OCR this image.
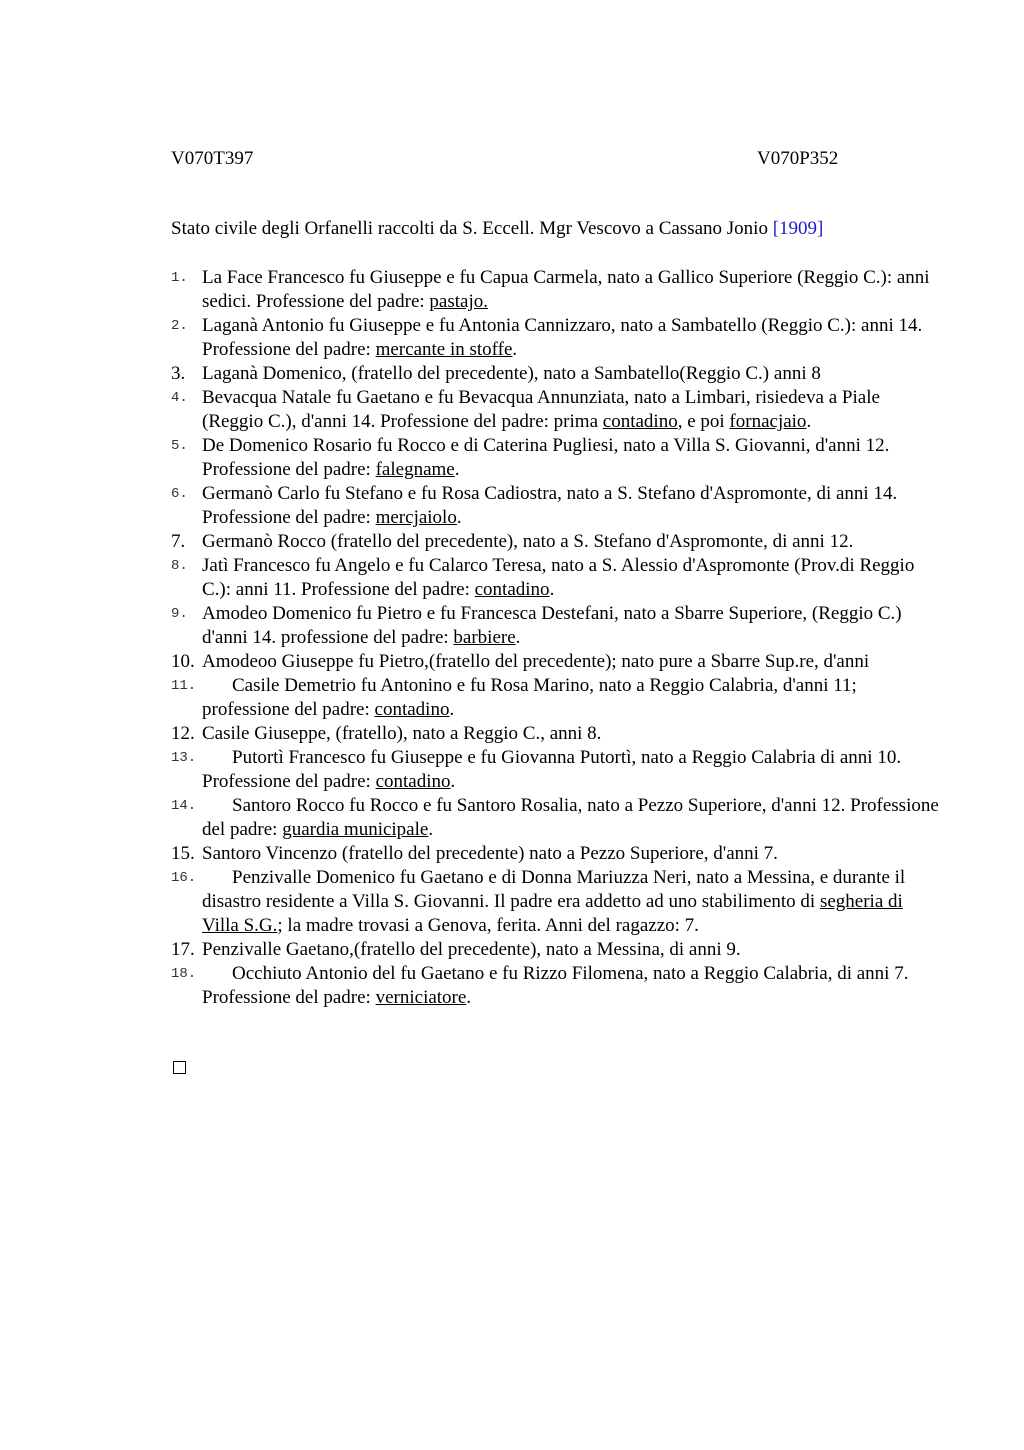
V070T397	V070P352
Stato civile degli Orfanelli raccolti da S. Eccell. Mgr Vescovo a Cassano Jonio [1909]
1. La Face Francesco fu Giuseppe e fu Capua Carmela, nato a Gallico Superiore (Reggio C.): anni sedici. Professione del padre: pastajo.
2. Laganà Antonio fu Giuseppe e fu Antonia Cannizzaro, nato a Sambatello (Reggio C.): anni 14. Professione del padre: mercante in stoffe.
3. Laganà Domenico, (fratello del precedente), nato a Sambatello(Reggio C.) anni 8
4. Bevacqua Natale fu Gaetano e fu Bevacqua Annunziata, nato a Limbari, risiedeva a Piale (Reggio C.), d'anni 14. Professione del padre: prima contadino, e poi fornacjaio.
5. De Domenico Rosario fu Rocco e di Caterina Pugliesi, nato a Villa S. Giovanni, d'anni 12. Professione del padre: falegname.
6. Germanò Carlo fu Stefano e fu Rosa Cadiostra, nato a S. Stefano d'Aspromonte, di anni 14. Professione del padre: mercjaiolo.
7. Germanò Rocco (fratello del precedente), nato a S. Stefano d'Aspromonte, di anni 12.
8. Jatì Francesco fu Angelo e fu Calarco Teresa, nato a S. Alessio d'Aspromonte (Prov.di Reggio C.): anni 11. Professione del padre: contadino.
9. Amodeo Domenico fu Pietro e fu Francesca Destefani, nato a Sbarre Superiore, (Reggio C.) d'anni 14. professione del padre: barbiere.
10. Amodeoo Giuseppe fu Pietro,(fratello del precedente); nato pure a Sbarre Sup.re, d'anni
11. Casile Demetrio fu Antonino e fu Rosa Marino, nato a Reggio Calabria, d'anni 11; professione del padre: contadino.
12. Casile Giuseppe, (fratello), nato a Reggio C., anni 8.
13. Putortì Francesco fu Giuseppe e fu Giovanna Putortì, nato a Reggio Calabria di anni 10. Professione del padre: contadino.
14. Santoro Rocco fu Rocco e fu Santoro Rosalia, nato a Pezzo Superiore, d'anni 12. Professione del padre: guardia municipale.
15. Santoro Vincenzo (fratello del precedente) nato a Pezzo Superiore, d'anni 7.
16. Penzivalle Domenico fu Gaetano e di Donna Mariuzza Neri, nato a Messina, e durante il disastro residente a Villa S. Giovanni. Il padre era addetto ad uno stabilimento di segheria di Villa S.G.; la madre trovasi a Genova, ferita. Anni del ragazzo: 7.
17. Penzivalle Gaetano,(fratello del precedente), nato a Messina, di anni 9.
18. Occhiuto Antonio del fu Gaetano e fu Rizzo Filomena, nato a Reggio Calabria, di anni 7. Professione del padre: verniciatore.
